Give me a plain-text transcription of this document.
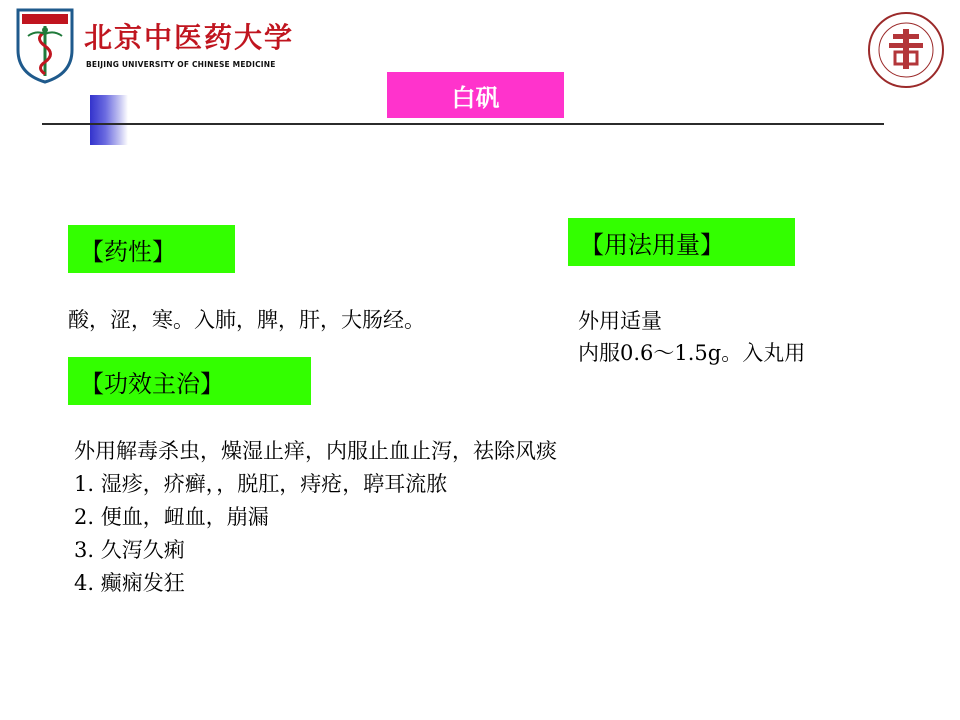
北京中医药大学
BEIJING UNIVERSITY OF CHINESE MEDICINE
白矾
【药性】
酸，涩，寒。入肺，脾，肝，大肠经。
【用法用量】
外用适量
内服0.6～1.5g。入丸用
【功效主治】
外用解毒杀虫，燥湿止痒，内服止血止泻，祛除风痰
1. 湿疹，疥癣，，脱肛，痔疮，聤耳流脓
2. 便血，衄血，崩漏
3. 久泻久痢
4. 癫痫发狂
